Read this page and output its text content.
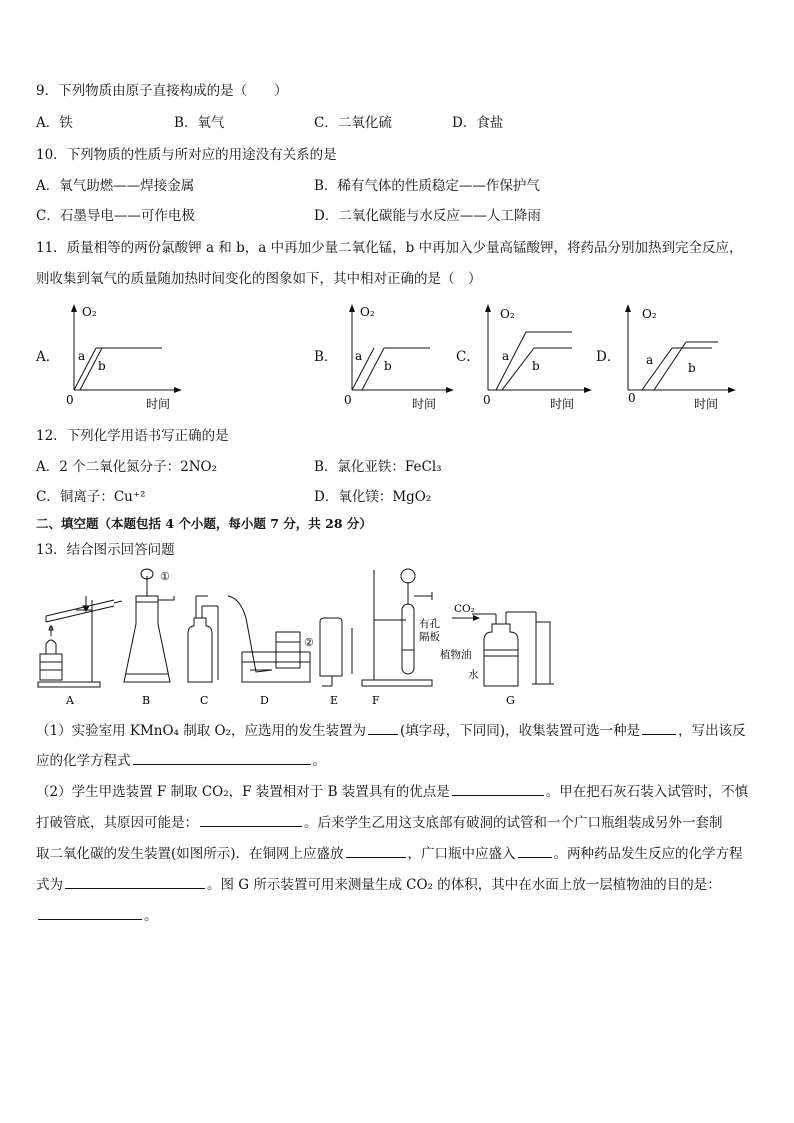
9．下列物质由原子直接构成的是（　　）
A．铁	B．氧气	C．二氧化硫	D．食盐
10．下列物质的性质与所对应的用途没有关系的是
A．氧气助燃——焊接金属	B．稀有气体的性质稳定——作保护气
C．石墨导电——可作电极	D．二氧化碳能与水反应——人工降雨
11．质量相等的两份氯酸钾 a 和 b，a 中再加少量二氧化锰，b 中再加入少量高锰酸钾，将药品分别加热到完全反应，
则收集到氧气的质量随加热时间变化的图象如下，其中相对正确的是（　）
A．
O₂
0	时间
a
b
B．
O₂
0	时间
a
b
C．
O₂
0	时间
a
b
D．
O₂
0	时间
a
b
12．下列化学用语书写正确的是
A．2 个二氧化氮分子：2NO₂	B．氯化亚铁：FeCl₃
C．铜离子：Cu⁺²	D．氧化镁：MgO₂
二、填空题（本题包括 4 个小题，每小题 7 分，共 28 分）
13．结合图示回答问题
A
①
B	C
②
D	E
有孔
隔板
F
CO₂
植物油
水
G
（1）实验室用 KMnO₄ 制取 O₂，应选用的发生装置为	(填字母，下同同)，收集装置可选一种是	，写出该反
应的化学方程式	。
（2）学生甲选装置 F 制取 CO₂，F 装置相对于 B 装置具有的优点是	。甲在把石灰石装入试管时，不慎
打破管底，其原因可能是：	。后来学生乙用这支底部有破洞的试管和一个广口瓶组装成另外一套制
取二氧化碳的发生装置(如图所示)．在铜网上应盛放	，广口瓶中应盛入	。两种药品发生反应的化学方程
式为	。图 G 所示装置可用来测量生成 CO₂ 的体积，其中在水面上放一层植物油的目的是：
。
